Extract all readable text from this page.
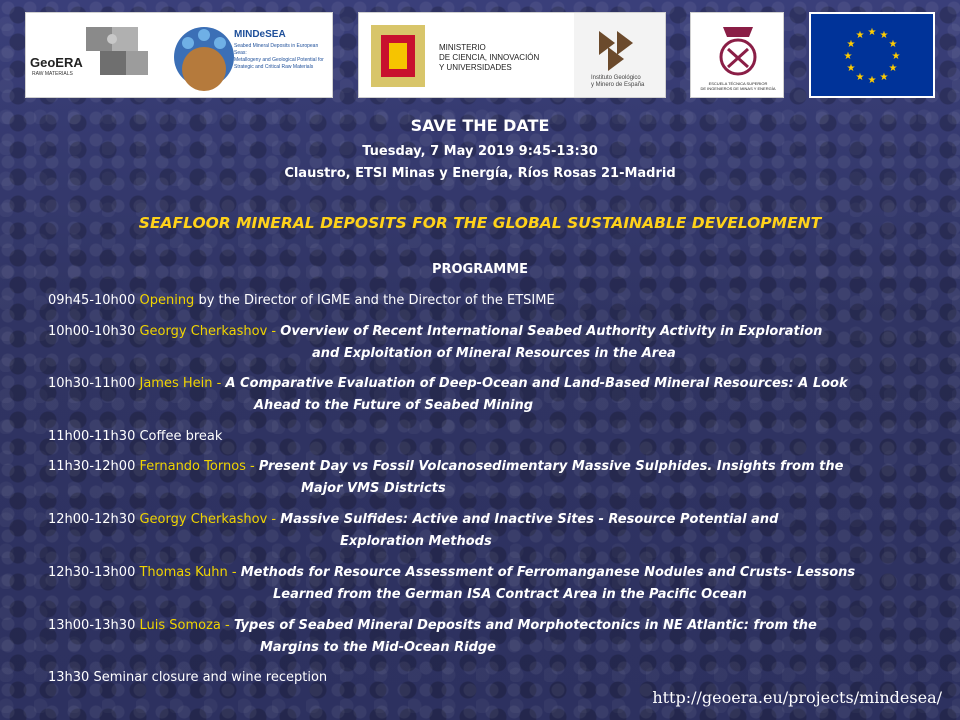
GeoERA
RAW MATERIALS
MINDeSEA
Seabed Mineral Deposits in European Seas:
Metallogeny and Geological Potential for
Strategic and Critical Raw Materials
MINISTERIO
DE CIENCIA, INNOVACIÓN
Y UNIVERSIDADES
Instituto Geológico
y Minero de España	ESCUELA TÉCNICA SUPERIOR
DE INGENIEROS DE MINAS Y ENERGÍA
★ ★
★
★
★
★
★
★
★
★
★
★
SAVE THE DATE
Tuesday, 7 May 2019 9:45-13:30
Claustro, ETSI Minas y Energía, Ríos Rosas 21-Madrid
SEAFLOOR MINERAL DEPOSITS FOR THE GLOBAL SUSTAINABLE DEVELOPMENT
PROGRAMME
09h45-10h00 Opening by the Director of IGME and the Director of the ETSIME
10h00-10h30 Georgy Cherkashov - Overview of Recent International Seabed Authority Activity in Exploration
and Exploitation of Mineral Resources in the Area
10h30-11h00 James Hein - A Comparative Evaluation of Deep-Ocean and Land-Based Mineral Resources: A Look
Ahead to the Future of Seabed Mining
11h00-11h30 Coffee break
11h30-12h00 Fernando Tornos - Present Day vs Fossil Volcanosedimentary Massive Sulphides. Insights from the
Major VMS Districts
12h00-12h30 Georgy Cherkashov - Massive Sulfides: Active and Inactive Sites - Resource Potential and
Exploration Methods
12h30-13h00 Thomas Kuhn - Methods for Resource Assessment of Ferromanganese Nodules and Crusts- Lessons
Learned from the German ISA Contract Area in the Pacific Ocean
13h00-13h30 Luis Somoza - Types of Seabed Mineral Deposits and Morphotectonics in NE Atlantic: from the
Margins to the Mid-Ocean Ridge
13h30 Seminar closure and wine reception
http://geoera.eu/projects/mindesea/
